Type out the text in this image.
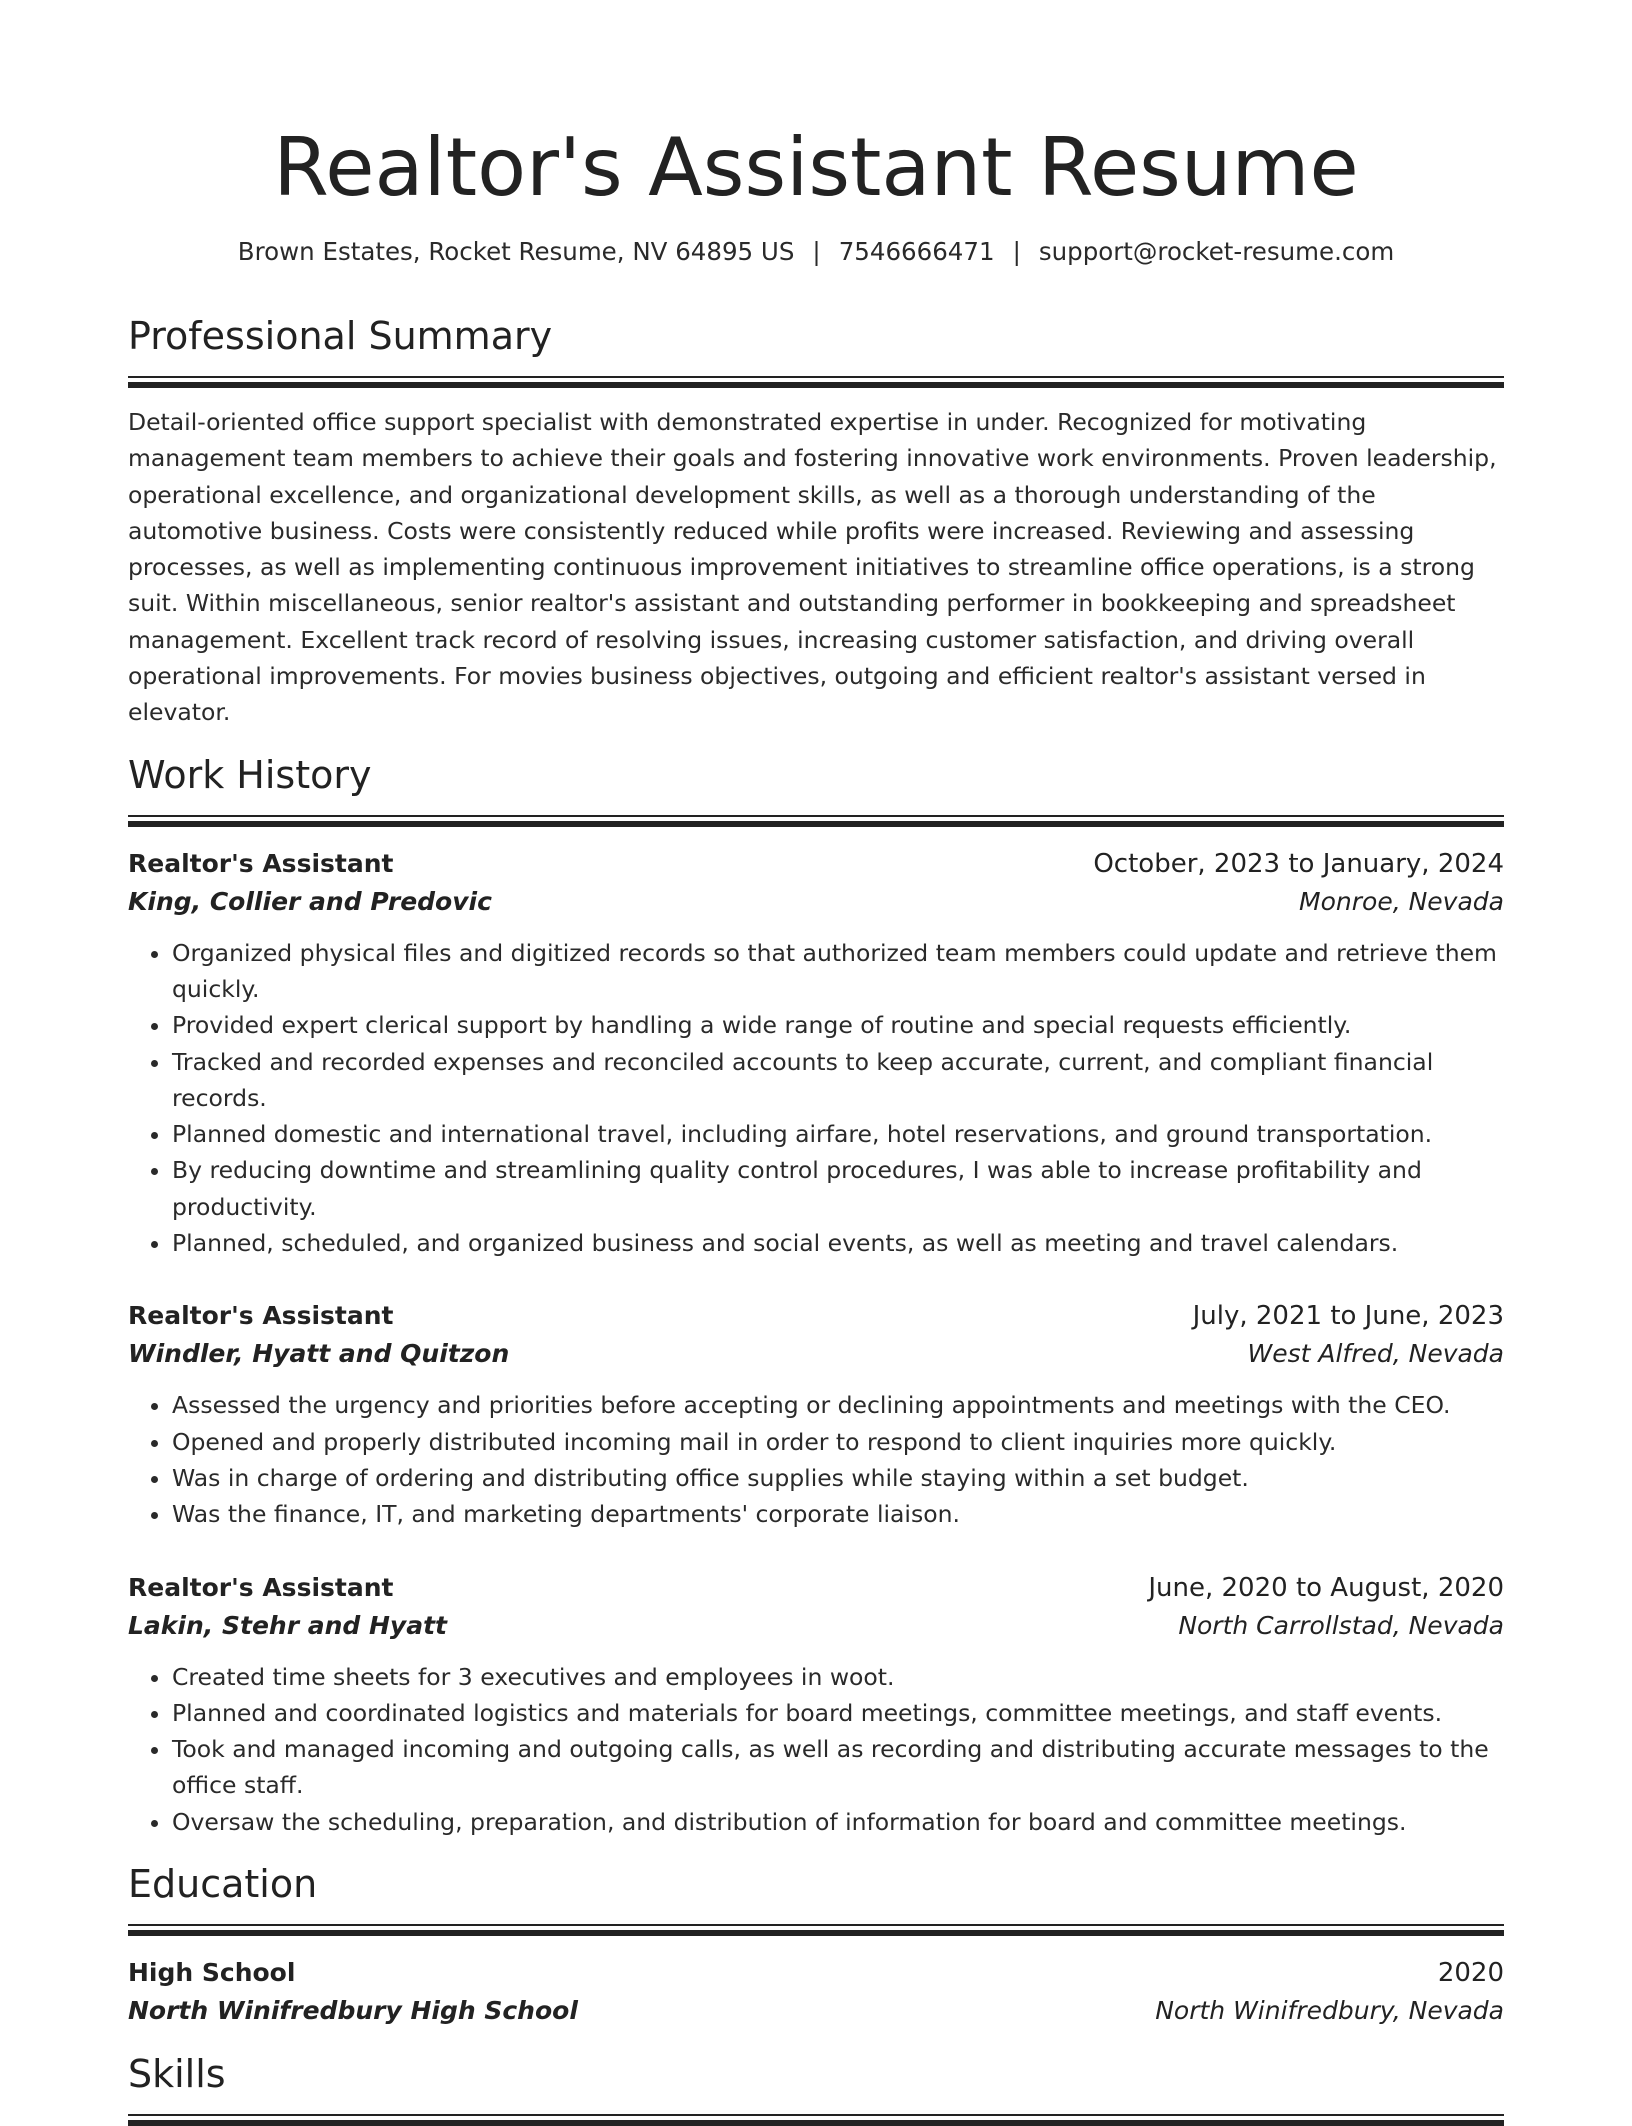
Realtor's Assistant Resume
Brown Estates, Rocket Resume, NV 64895 US | 7546666471 | support@rocket-resume.com
Professional Summary
Detail-oriented office support specialist with demonstrated expertise in under. Recognized for motivating management team members to achieve their goals and fostering innovative work environments. Proven leadership, operational excellence, and organizational development skills, as well as a thorough understanding of the automotive business. Costs were consistently reduced while profits were increased. Reviewing and assessing processes, as well as implementing continuous improvement initiatives to streamline office operations, is a strong suit. Within miscellaneous, senior realtor's assistant and outstanding performer in bookkeeping and spreadsheet management. Excellent track record of resolving issues, increasing customer satisfaction, and driving overall operational improvements. For movies business objectives, outgoing and efficient realtor's assistant versed in elevator.
Work History
Realtor's Assistant	October, 2023 to January, 2024
King, Collier and Predovic	Monroe, Nevada
• Organized physical files and digitized records so that authorized team members could update and retrieve them quickly.
• Provided expert clerical support by handling a wide range of routine and special requests efficiently.
• Tracked and recorded expenses and reconciled accounts to keep accurate, current, and compliant financial records.
• Planned domestic and international travel, including airfare, hotel reservations, and ground transportation.
• By reducing downtime and streamlining quality control procedures, I was able to increase profitability and productivity.
• Planned, scheduled, and organized business and social events, as well as meeting and travel calendars.
Realtor's Assistant	July, 2021 to June, 2023
Windler, Hyatt and Quitzon	West Alfred, Nevada
• Assessed the urgency and priorities before accepting or declining appointments and meetings with the CEO.
• Opened and properly distributed incoming mail in order to respond to client inquiries more quickly.
• Was in charge of ordering and distributing office supplies while staying within a set budget.
• Was the finance, IT, and marketing departments' corporate liaison.
Realtor's Assistant	June, 2020 to August, 2020
Lakin, Stehr and Hyatt	North Carrollstad, Nevada
• Created time sheets for 3 executives and employees in woot.
• Planned and coordinated logistics and materials for board meetings, committee meetings, and staff events.
• Took and managed incoming and outgoing calls, as well as recording and distributing accurate messages to the office staff.
• Oversaw the scheduling, preparation, and distribution of information for board and committee meetings.
Education
High School	2020
North Winifredbury High School	North Winifredbury, Nevada
Skills
